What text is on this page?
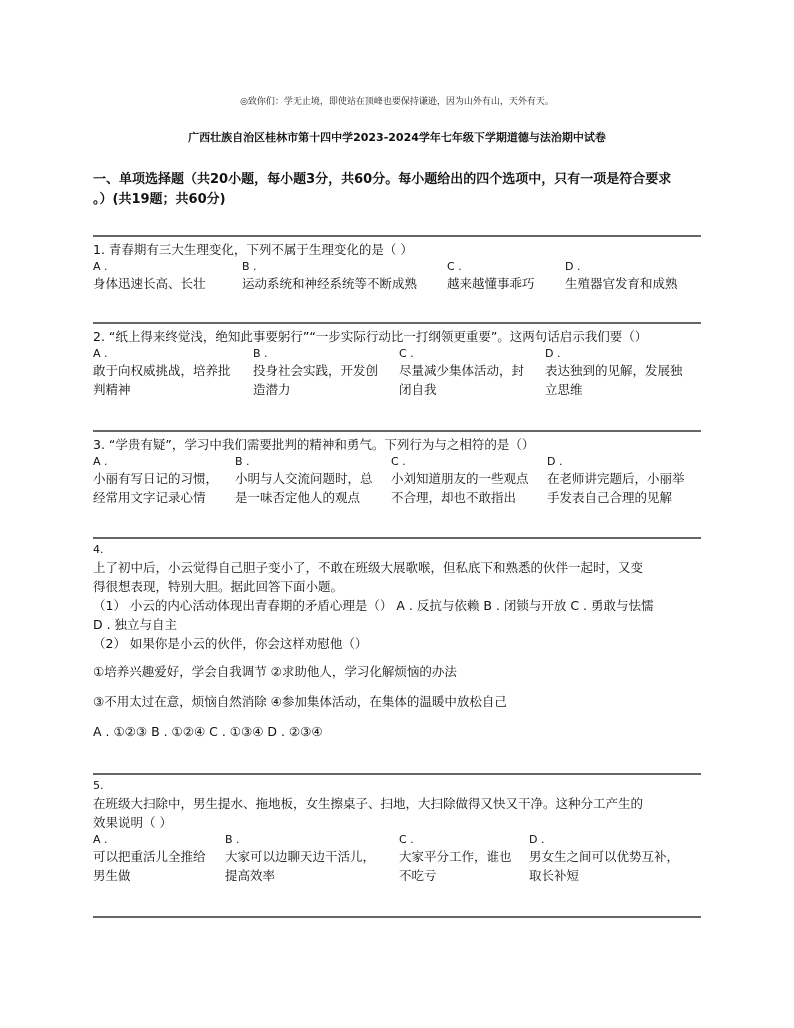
◎致你们：学无止境，即使站在顶峰也要保持谦逊，因为山外有山，天外有天。
广西壮族自治区桂林市第十四中学2023-2024学年七年级下学期道德与法治期中试卷
一、单项选择题（共20小题，每小题3分，共60分。每小题给出的四个选项中，只有一项是符合要求
。）(共19题；共60分)
1. 青春期有三大生理变化，下列不属于生理变化的是（ ）
A .
身体迅速长高、长壮
B .
运动系统和神经系统等不断成熟
C .
越来越懂事乖巧
D .
生殖器官发育和成熟
2. “纸上得来终觉浅，绝知此事要躬行”“一步实际行动比一打纲领更重要”。这两句话启示我们要（）
A .
敢于向权威挑战，培养批
判精神
B .
投身社会实践，开发创
造潜力
C .
尽量减少集体活动，封
闭自我
D .
表达独到的见解，发展独
立思维
3. “学贵有疑”，学习中我们需要批判的精神和勇气。下列行为与之相符的是（）
A .
小丽有写日记的习惯，
经常用文字记录心情
B .
小明与人交流问题时，总
是一味否定他人的观点
C .
小刘知道朋友的一些观点
不合理，却也不敢指出
D .
在老师讲完题后，小丽举
手发表自己合理的见解
4.
上了初中后，小云觉得自己胆子变小了，不敢在班级大展歌喉，但私底下和熟悉的伙伴一起时，又变
得很想表现，特别大胆。据此回答下面小题。
（1） 小云的内心活动体现出青春期的矛盾心理是（） A . 反抗与依赖 B . 闭锁与开放 C . 勇敢与怯懦
D . 独立与自主
（2） 如果你是小云的伙伴，你会这样劝慰他（）
①培养兴趣爱好，学会自我调节 ②求助他人，学习化解烦恼的办法
③不用太过在意，烦恼自然消除 ④参加集体活动，在集体的温暖中放松自己
A . ①②③ B . ①②④ C . ①③④ D . ②③④
5.
在班级大扫除中，男生提水、拖地板，女生擦桌子、扫地，大扫除做得又快又干净。这种分工产生的
效果说明（ ）
A .
可以把重活儿全推给
男生做
B .
大家可以边聊天边干活儿，
提高效率
C .
大家平分工作，谁也
不吃亏
D .
男女生之间可以优势互补，
取长补短
